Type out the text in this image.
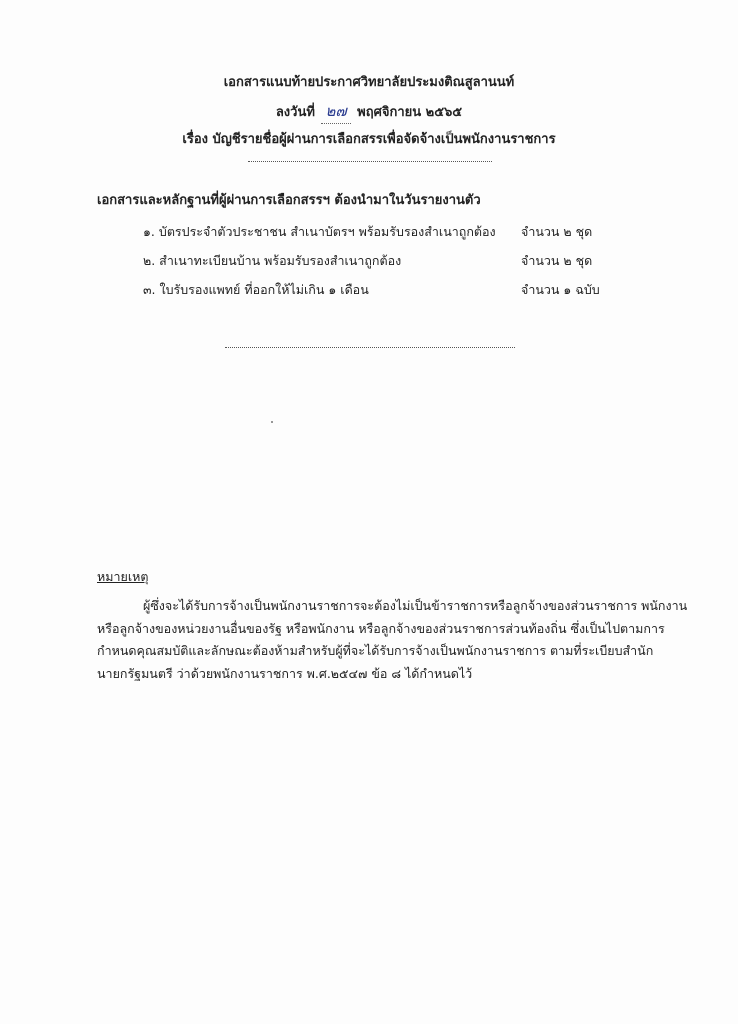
เอกสารแนบท้ายประกาศวิทยาลัยประมงติณสูลานนท์
ลงวันที่ ๒๗ พฤศจิกายน ๒๕๖๕
เรื่อง บัญชีรายชื่อผู้ผ่านการเลือกสรรเพื่อจัดจ้างเป็นพนักงานราชการ
เอกสารและหลักฐานที่ผู้ผ่านการเลือกสรรฯ ต้องนำมาในวันรายงานตัว
๑. บัตรประจำตัวประชาชน สำเนาบัตรฯ พร้อมรับรองสำเนาถูกต้อง จำนวน ๒ ชุด
๒. สำเนาทะเบียนบ้าน พร้อมรับรองสำเนาถูกต้อง	จำนวน ๒ ชุด
๓. ใบรับรองแพทย์ ที่ออกให้ไม่เกิน ๑ เดือน	จำนวน ๑ ฉบับ
หมายเหตุ
ผู้ซึ่งจะได้รับการจ้างเป็นพนักงานราชการจะต้องไม่เป็นข้าราชการหรือลูกจ้างของส่วนราชการ พนักงาน
หรือลูกจ้างของหน่วยงานอื่นของรัฐ หรือพนักงาน หรือลูกจ้างของส่วนราชการส่วนท้องถิ่น ซึ่งเป็นไปตามการ
กำหนดคุณสมบัติและลักษณะต้องห้ามสำหรับผู้ที่จะได้รับการจ้างเป็นพนักงานราชการ ตามที่ระเบียบสำนัก
นายกรัฐมนตรี ว่าด้วยพนักงานราชการ พ.ศ.๒๕๔๗ ข้อ ๘ ได้กำหนดไว้
